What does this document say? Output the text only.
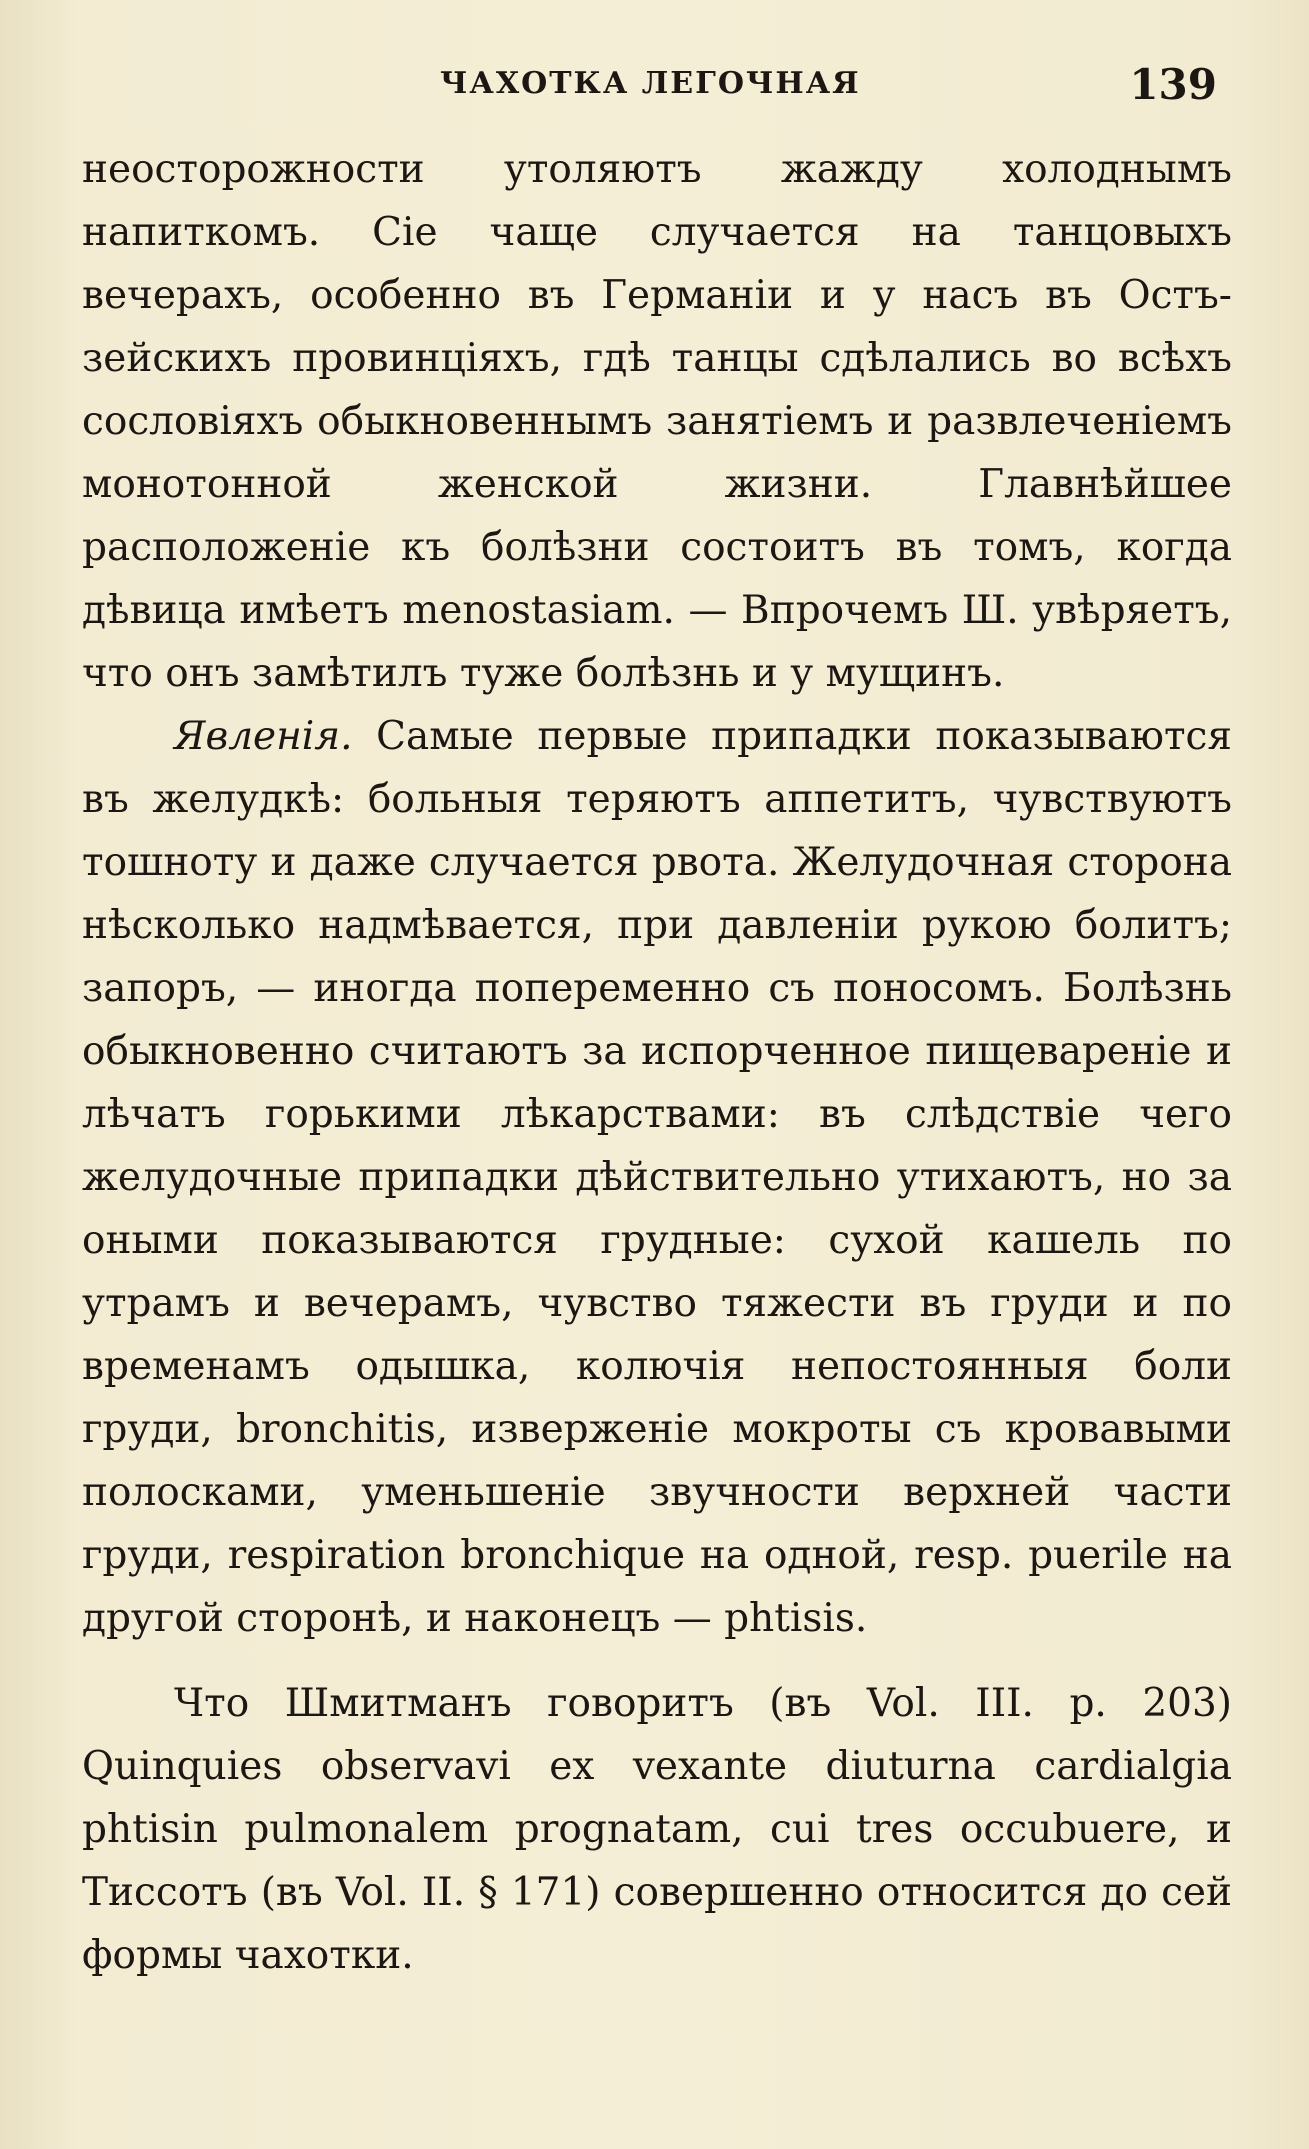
ЧАХОТКА ЛЕГОЧНАЯ	139

неосторожности утоляютъ жажду холоднымъ напиткомъ. Сіе чаще случается на танцовыхъ вечерахъ, особенно въ Германіи и у насъ въ Остъ-зейскихъ провинціяхъ, гдѣ танцы сдѣлались во всѣхъ сословіяхъ обыкновеннымъ занятіемъ и развлеченіемъ монотонной женской жизни. Главнѣйшее расположеніе къ болѣзни состоитъ въ томъ, когда дѣвица имѣетъ menostasiam. — Впрочемъ Ш. увѣряетъ, что онъ замѣтилъ туже болѣзнь и у мущинъ.

Явленія. Самые первые припадки показываются въ желудкѣ: больныя теряютъ аппетитъ, чувствуютъ тошноту и даже случается рвота. Желудочная сторона нѣсколько надмѣвается, при давленіи рукою болитъ; запоръ, — иногда попеременно съ поносомъ. Болѣзнь обыкновенно считаютъ за испорченное пищевареніе и лѣчатъ горькими лѣкарствами: въ слѣдствіе чего желудочные припадки дѣйствительно утихаютъ, но за оными показываются грудные: сухой кашель по утрамъ и вечерамъ, чувство тяжести въ груди и по временамъ одышка, колючія непостоянныя боли груди, bronchitis, изверженіе мокроты съ кровавыми полосками, уменьшеніе звучности верхней части груди, respiration bronchique на одной, resp. puerile на другой сторонѣ, и наконецъ — phtisis.

Что Шмитманъ говоритъ (въ Vol. III. p. 203) Quinquies observavi ex vexante diuturna cardialgia phtisin pulmonalem prognatam, cui tres occubuere, и Тиссотъ (въ Vol. II. § 171) совершенно относится до сей формы чахотки.
